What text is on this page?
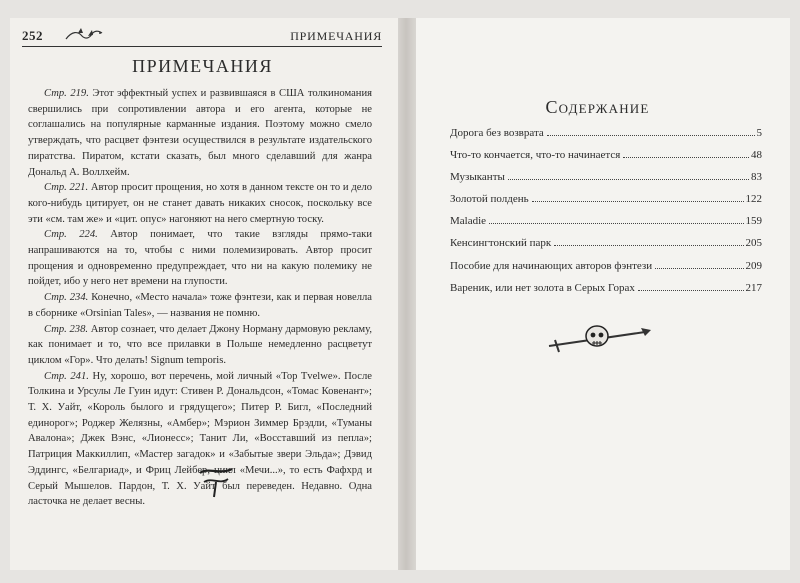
252	ПРИМЕЧАНИЯ
ПРИМЕЧАНИЯ

Стр. 219. Этот эффектный успех и развившаяся в США толкиномания свершились при сопротивлении автора и его агента, которые не соглашались на популярные карманные издания. Поэтому можно смело утверждать, что расцвет фэнтези осуществился в результате издательского пиратства. Пиратом, кстати сказать, был много сделавший для жанра Дональд А. Воллхейм.

Стр. 221. Автор просит прощения, но хотя в данном тексте он то и дело кого-нибудь цитирует, он не станет давать никаких сносок, поскольку все эти «см. там же» и «цит. опус» нагоняют на него смертную тоску.

Стр. 224. Автор понимает, что такие взгляды прямо-таки напрашиваются на то, чтобы с ними полемизировать. Автор просит прощения и одновременно предупреждает, что ни на какую полемику не пойдет, ибо у него нет времени на глупости.

Стр. 234. Конечно, «Место начала» тоже фэнтези, как и первая новелла в сборнике «Orsinian Tales», — названия не помню.

Стр. 238. Автор сознает, что делает Джону Норману дармовую рекламу, как понимает и то, что все прилавки в Польше немедленно расцветут циклом «Гор». Что делать! Signum temporis.

Стр. 241. Ну, хорошо, вот перечень, мой личный «Top Tvelwe». После Толкина и Урсулы Ле Гуин идут: Стивен Р. Дональдсон, «Томас Ковенант»; Т. Х. Уайт, «Король былого и грядущего»; Питер Р. Бигл, «Последний единорог»; Роджер Желязны, «Амбер»; Мэрион Зиммер Брэдли, «Туманы Авалона»; Джек Вэнс, «Лионесс»; Танит Ли, «Восставший из пепла»; Патриция Маккиллип, «Мастер загадок» и «Забытые звери Эльда»; Дэвид Эддингс, «Белгариад», и Фриц Лейбер, цикл «Мечи...», то есть Фафхрд и Серый Мышелов. Пардон, Т. Х. Уайт был переведен. Недавно. Одна ласточка не делает весны.

Содержание
Дорога без возврата	5
Что-то кончается, что-то начинается	48
Музыканты	83
Золотой полдень	122
Maladie	159
Кенсингтонский парк	205
Пособие для начинающих авторов фэнтези	209
Вареник, или нет золота в Серых Горах	217
